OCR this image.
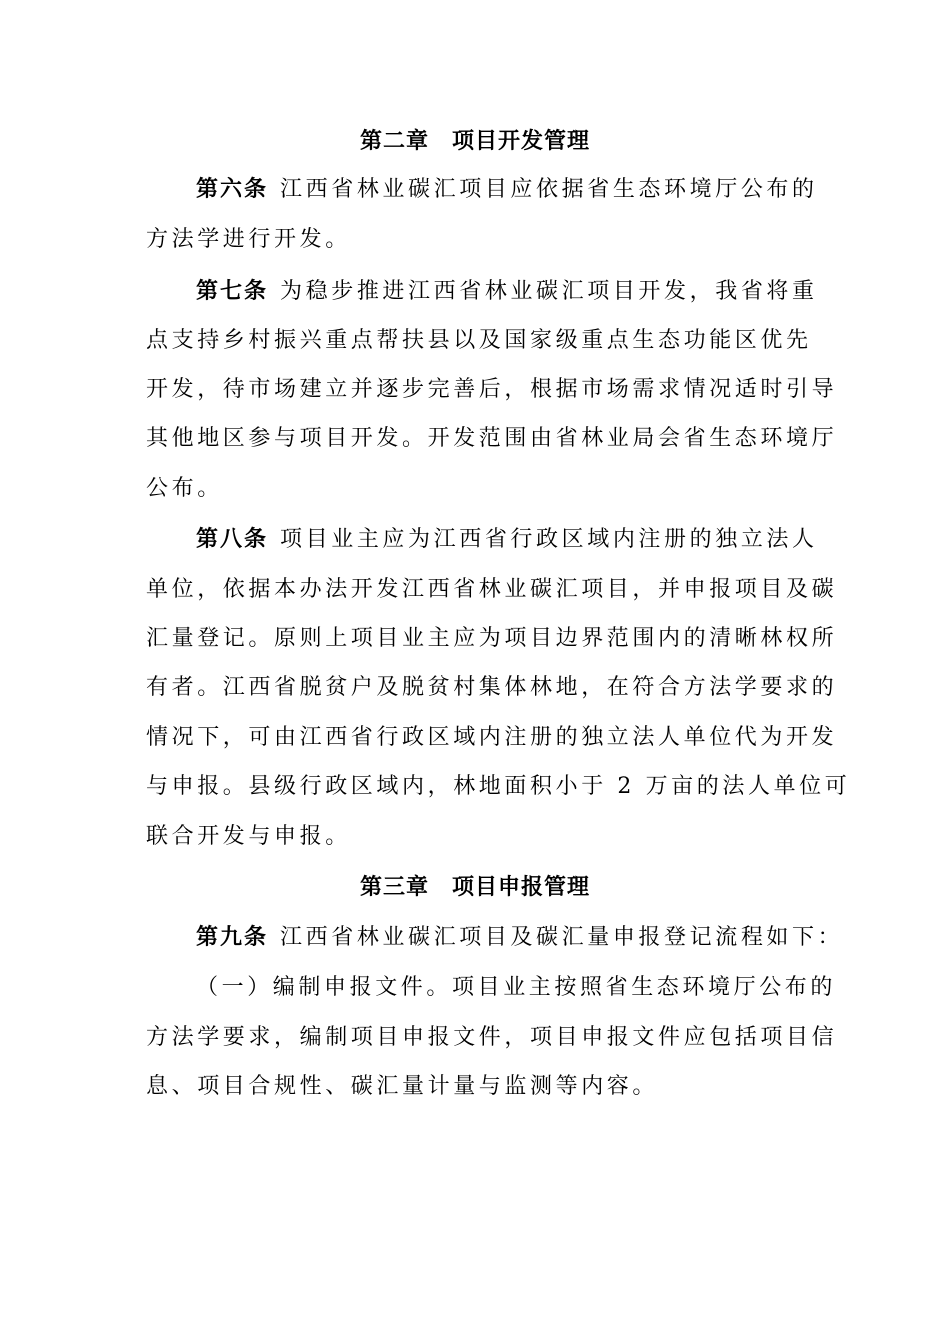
第二章　项目开发管理
第六条 江西省林业碳汇项目应依据省生态环境厅公布的
方法学进行开发。
第七条 为稳步推进江西省林业碳汇项目开发，我省将重
点支持乡村振兴重点帮扶县以及国家级重点生态功能区优先
开发，待市场建立并逐步完善后，根据市场需求情况适时引导
其他地区参与项目开发。开发范围由省林业局会省生态环境厅
公布。
第八条 项目业主应为江西省行政区域内注册的独立法人
单位，依据本办法开发江西省林业碳汇项目，并申报项目及碳
汇量登记。原则上项目业主应为项目边界范围内的清晰林权所
有者。江西省脱贫户及脱贫村集体林地，在符合方法学要求的
情况下，可由江西省行政区域内注册的独立法人单位代为开发
与申报。县级行政区域内，林地面积小于 2 万亩的法人单位可
联合开发与申报。
第三章　项目申报管理
第九条 江西省林业碳汇项目及碳汇量申报登记流程如下：
（一）编制申报文件。项目业主按照省生态环境厅公布的
方法学要求，编制项目申报文件，项目申报文件应包括项目信
息、项目合规性、碳汇量计量与监测等内容。
